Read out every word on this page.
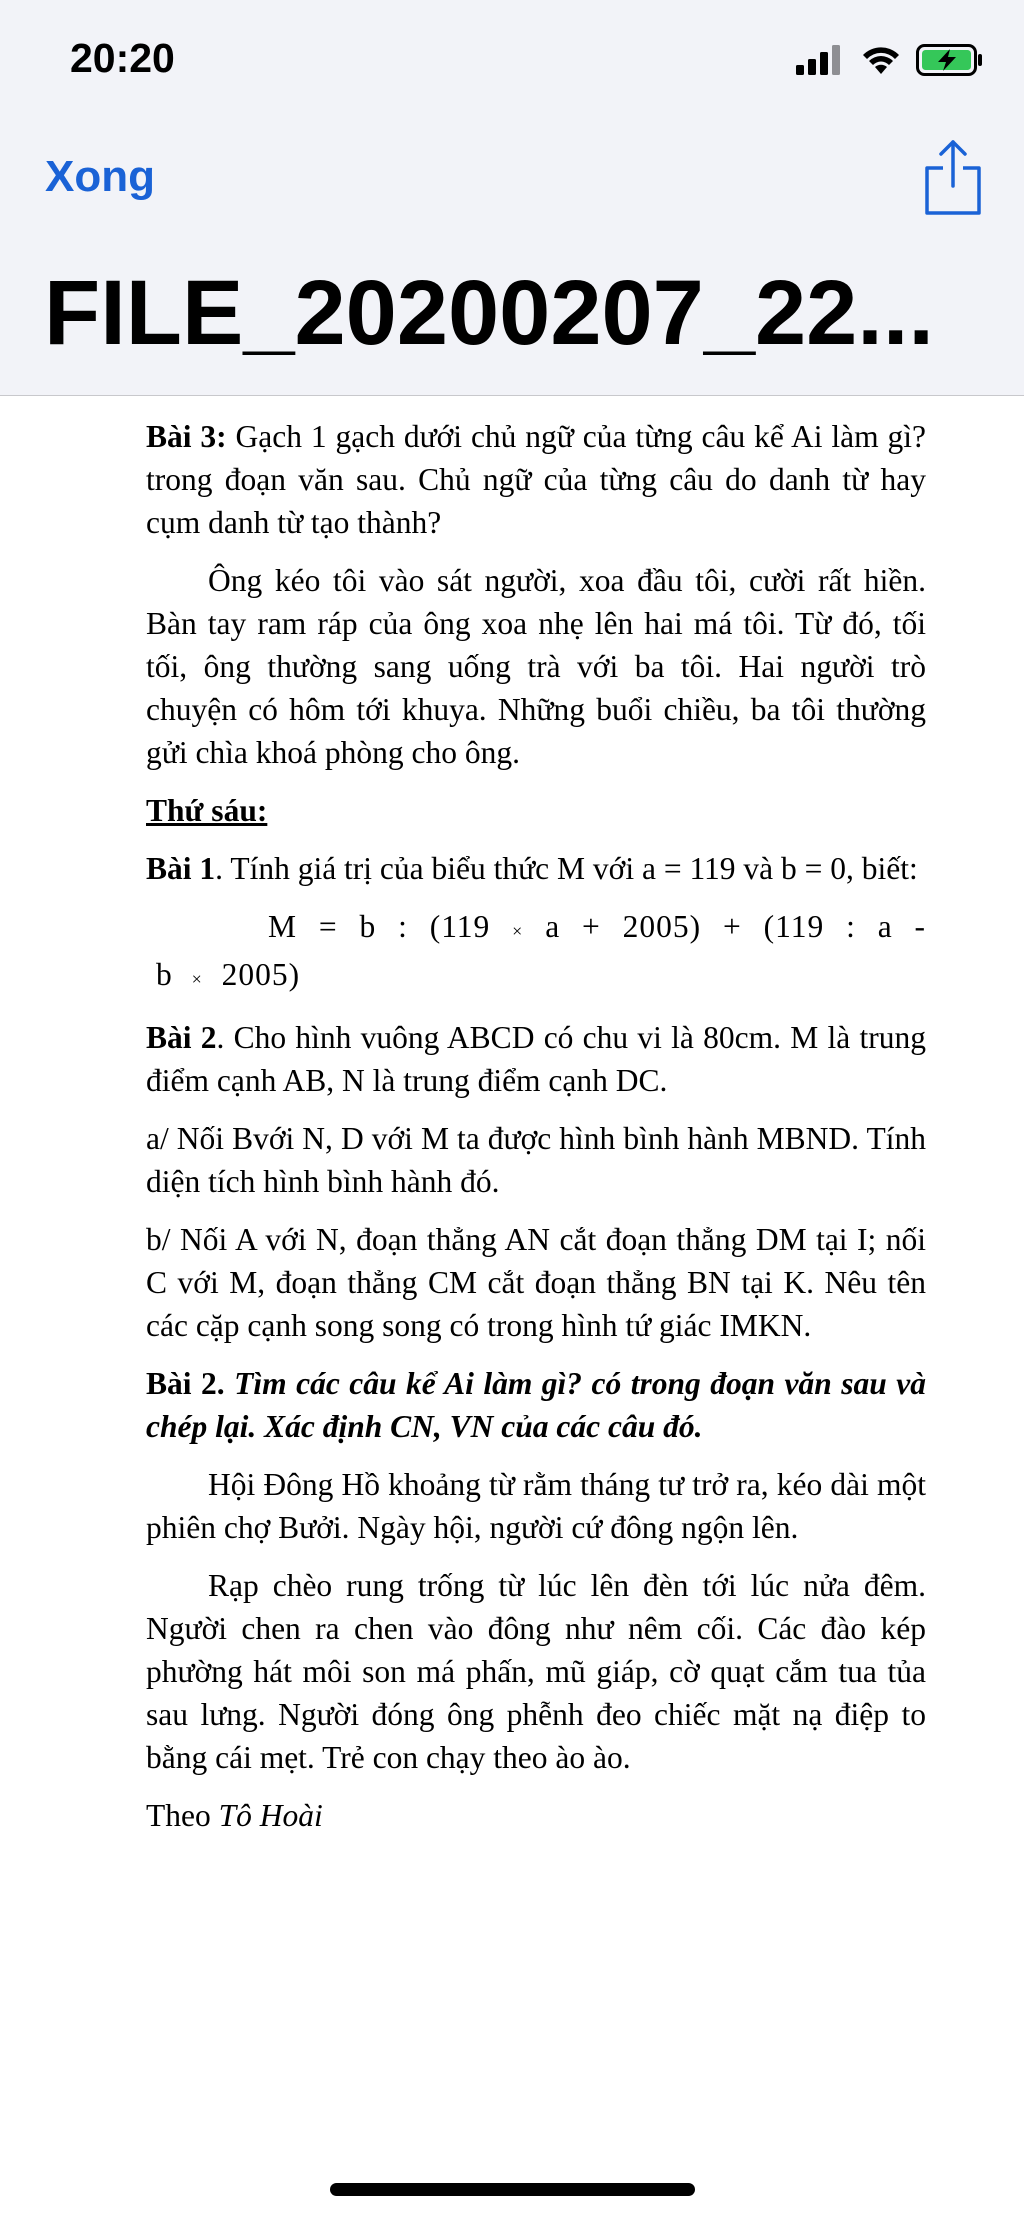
20:20
Xong
FILE_20200207_22...

Bài 3: Gạch 1 gạch dưới chủ ngữ của từng câu kể Ai làm gì? trong đoạn văn sau. Chủ ngữ của từng câu do danh từ hay cụm danh từ tạo thành?

Ông kéo tôi vào sát người, xoa đầu tôi, cười rất hiền. Bàn tay ram ráp của ông xoa nhẹ lên hai má tôi. Từ đó, tối tối, ông thường sang uống trà với ba tôi. Hai người trò chuyện có hôm tới khuya. Những buổi chiều, ba tôi thường gửi chìa khoá phòng cho ông.

Thứ sáu:

Bài 1. Tính giá trị của biểu thức M với a = 119 và b = 0, biết:

M = b : (119 × a + 2005) + (119 : a -
b × 2005)

Bài 2. Cho hình vuông ABCD có chu vi là 80cm. M là trung điểm cạnh AB, N là trung điểm cạnh DC.

a/ Nối Bvới N, D với M ta được hình bình hành MBND. Tính diện tích hình bình hành đó.

b/ Nối A với N, đoạn thẳng AN cắt đoạn thẳng DM tại I; nối C với M, đoạn thẳng CM cắt đoạn thẳng BN tại K. Nêu tên các cặp cạnh song song có trong hình tứ giác IMKN.

Bài 2. Tìm các câu kể Ai làm gì? có trong đoạn văn sau và chép lại. Xác định CN, VN của các câu đó.

Hội Đông Hồ khoảng từ rằm tháng tư trở ra, kéo dài một phiên chợ Bưởi. Ngày hội, người cứ đông ngộn lên.

Rạp chèo rung trống từ lúc lên đèn tới lúc nửa đêm. Người chen ra chen vào đông như nêm cối. Các đào kép phường hát môi son má phấn, mũ giáp, cờ quạt cắm tua tủa sau lưng. Người đóng ông phễnh đeo chiếc mặt nạ điệp to bằng cái mẹt. Trẻ con chạy theo ào ào.

Theo Tô Hoài
